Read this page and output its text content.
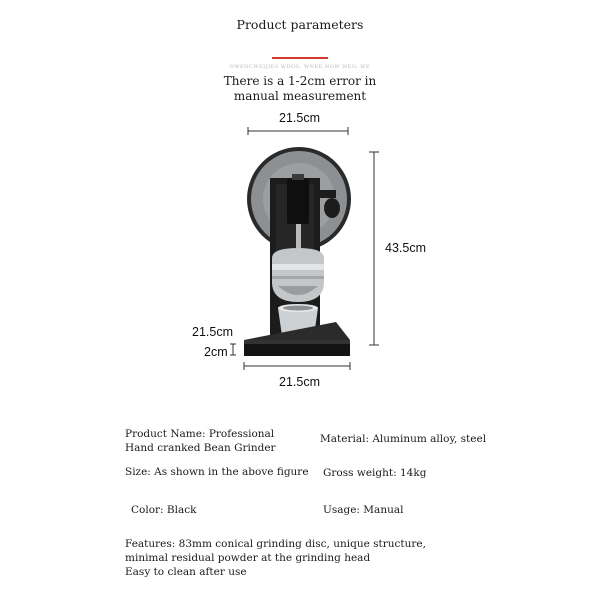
Product parameters
DWENCWEIJIES WDOG, WNEE,NOW WEG, WE
There is a 1-2cm error in manual measurement
21.5cm
43.5cm
21.5cm
2cm
21.5cm
Product Name: Professional Hand cranked Bean Grinder
Material: Aluminum alloy, steel
Size: As shown in the above figure	Gross weight: 14kg
Color: Black	Usage: Manual
Features: 83mm conical grinding disc, unique structure, minimal residual powder at the grinding head
Easy to clean after use
